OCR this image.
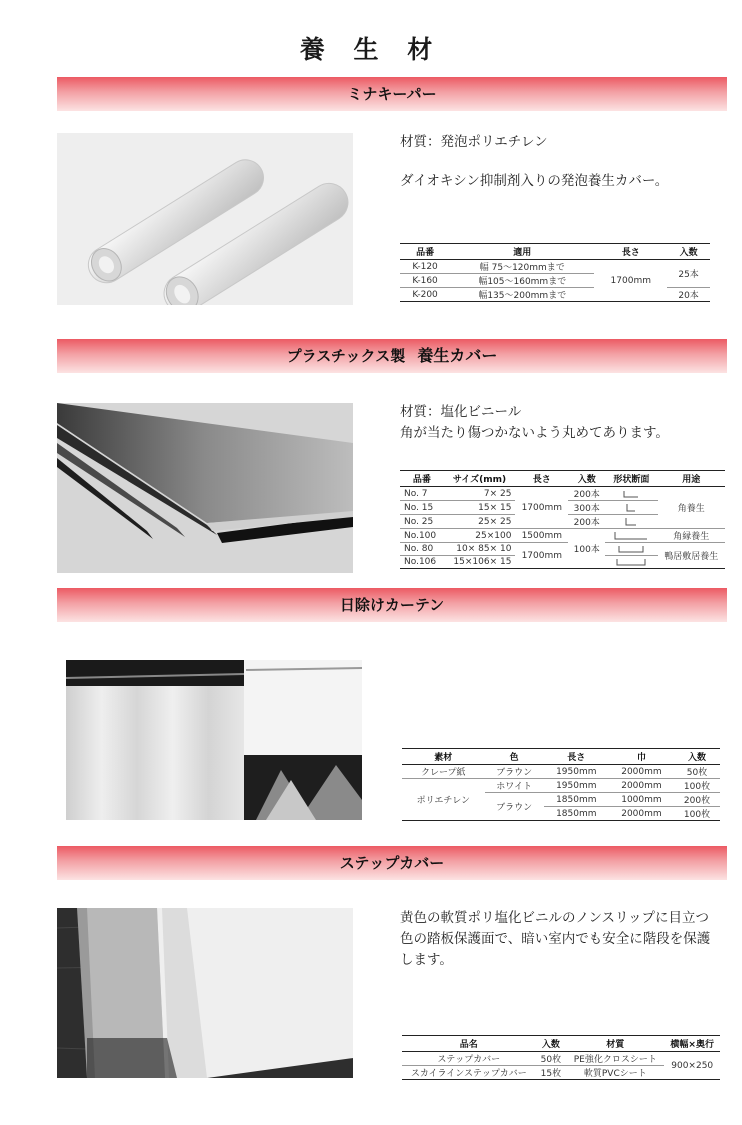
養 生 材
ミナキーパー

材質：発泡ポリエチレン

ダイオキシン抑制剤入りの発泡養生カバー。

品番	適用	長さ	入数
K-120	幅 75～120mmまで	1700mm	25本
K-160	幅105～160mmまで		
K-200	幅135～200mmまで		20本
プラスチックス製 養生カバー

材質：塩化ビニール

角が当たり傷つかないよう丸めてあります。

品番	サイズ(mm)	長さ	入数	形状断面	用途
No. 7	7× 25	1700mm	200本		角養生
No. 15	15× 15		300本	

No. 25	25× 25		200本	

No.100	25×100	1500mm	100本		角縁養生
No. 80	10× 85× 10	1700mm			鴨居敷居養生
No.106	15×106× 15	
日除けカーテン
素材	色	長さ	巾	入数
クレープ紙	ブラウン	1950mm	2000mm	50枚
ポリエチレン	ホワイト	1950mm	2000mm	100枚
	ブラウン	1850mm	1000mm	200枚
		1850mm	2000mm	100枚
ステップカバー

黄色の軟質ポリ塩化ビニルのノンスリップに目立つ

色の踏板保護面で、暗い室内でも安全に階段を保護

します。

品名	入数	材質	横幅×奥行
ステップカバー	50枚	PE強化クロスシート	900×250
スカイラインステップカバー	15枚	軟質PVCシート	
